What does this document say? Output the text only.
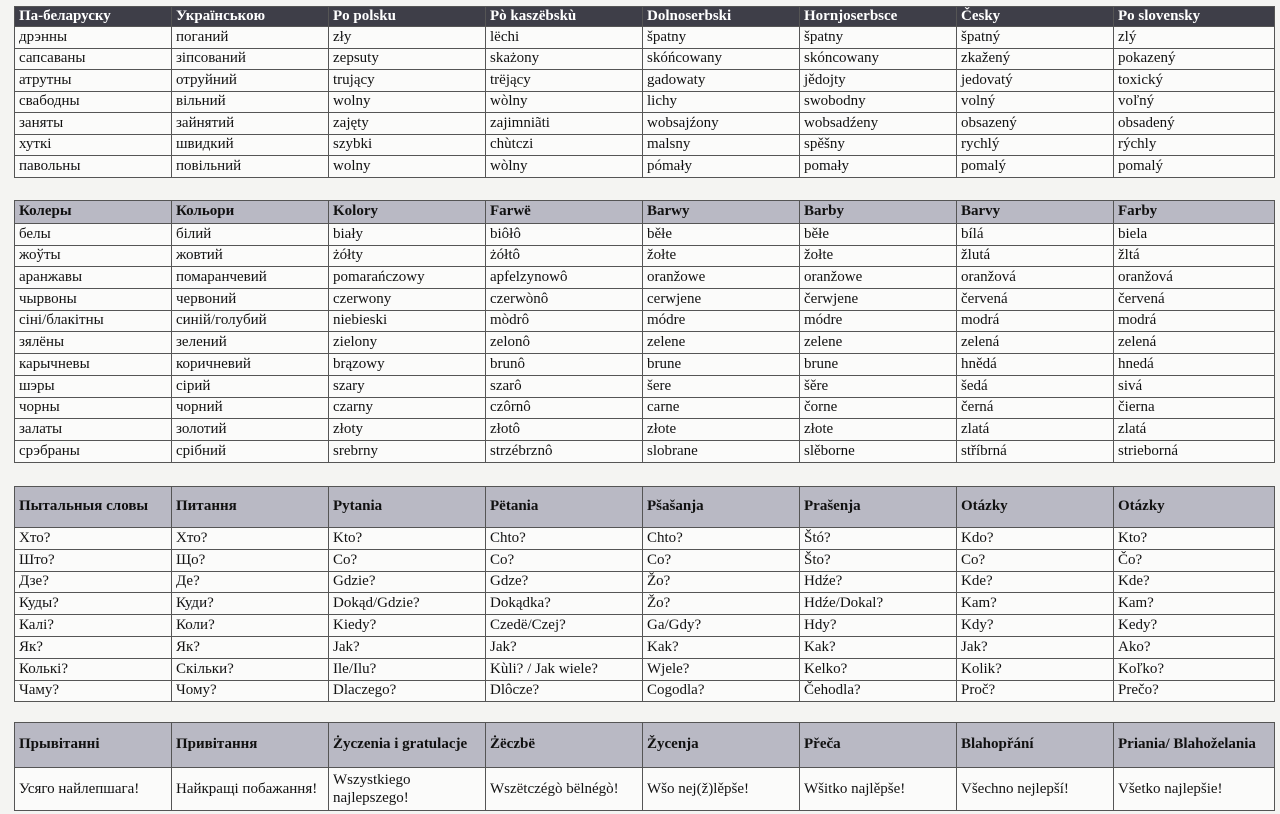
Па-беларуску	Українською	Po polsku	Pò kaszëbskù	Dolnoserbski	Hornjoserbsce	Česky	Po slovensky
дрэнны	поганий	zły	lëchi	špatny	špatny	špatný	zlý
сапсаваны	зіпсований	zepsuty	skażony	skóńcowany	skóncowany	zkažený	pokazený
атрутны	отруйний	trujący	trëjący	gadowaty	jědojty	jedovatý	toxický
свабодны	вільний	wolny	wòlny	lichy	swobodny	volný	voľný
заняты	зайнятий	zajęty	zajimniãti	wobsajźony	wobsadźeny	obsazený	obsadený
хуткі	швидкий	szybki	chùtczi	malsny	spěšny	rychlý	rýchly
павольны	повільний	wolny	wòlny	pómały	pomały	pomalý	pomalý
Колеры	Кольори	Kolory	Farwë	Barwy	Barby	Barvy	Farby
белы	білий	biały	biôłô	běłe	běłe	bílá	biela
жоўты	жовтий	żółty	żółtô	žołte	žołte	žlutá	žltá
аранжавы	помаранчевий	pomarańczowy	apfelzynowô	oranžowe	oranžowe	oranžová	oranžová
чырвоны	червоний	czerwony	czerwònô	cerwjene	čerwjene	červená	červená
сіні/блакітны	синій/голубий	niebieski	mòdrô	módre	módre	modrá	modrá
зялёны	зелений	zielony	zelonô	zelene	zelene	zelená	zelená
карычневы	коричневий	brązowy	brunô	brune	brune	hnědá	hnedá
шэры	сірий	szary	szarô	šere	šěre	šedá	sivá
чорны	чорний	czarny	czôrnô	carne	čorne	černá	čierna
залаты	золотий	złoty	złotô	złote	złote	zlatá	zlatá
срэбраны	срібний	srebrny	strzébrznô	slobrane	slěborne	stříbrná	strieborná
Пытальныя словы	Питання	Pytania	Pëtania	Pšašanja	Prašenja	Otázky	Otázky
Хто?	Хто?	Kto?	Chto?	Chto?	Štó?	Kdo?	Kto?
Што?	Що?	Co?	Co?	Co?	Što?	Co?	Čo?
Дзе?	Де?	Gdzie?	Gdze?	Žo?	Hdźe?	Kde?	Kde?
Куды?	Куди?	Dokąd/Gdzie?	Dokądka?	Žo?	Hdźe/Dokal?	Kam?	Kam?
Калі?	Коли?	Kiedy?	Czedë/Czej?	Ga/Gdy?	Hdy?	Kdy?	Kedy?
Як?	Як?	Jak?	Jak?	Kak?	Kak?	Jak?	Ako?
Колькі?	Скільки?	Ile/Ilu?	Kùli? / Jak wiele?	Wjele?	Kelko?	Kolik?	Koľko?
Чаму?	Чому?	Dlaczego?	Dlôcze?	Cogodla?	Čehodla?	Proč?	Prečo?
Прывітанні	Привітання	Życzenia i gratulacje	Żëczbë	Žycenja	Přeča	Blahopřání	Priania/ Blahoželania
Усяго найлепшага!	Найкращі побажання!	Wszystkiego najlepszego!	Wszëtczégò bëlnégò!	Wšo nej(ž)lěpše!	Wšitko najlěpše!	Všechno nejlepší!	Všetko najlepšie!
